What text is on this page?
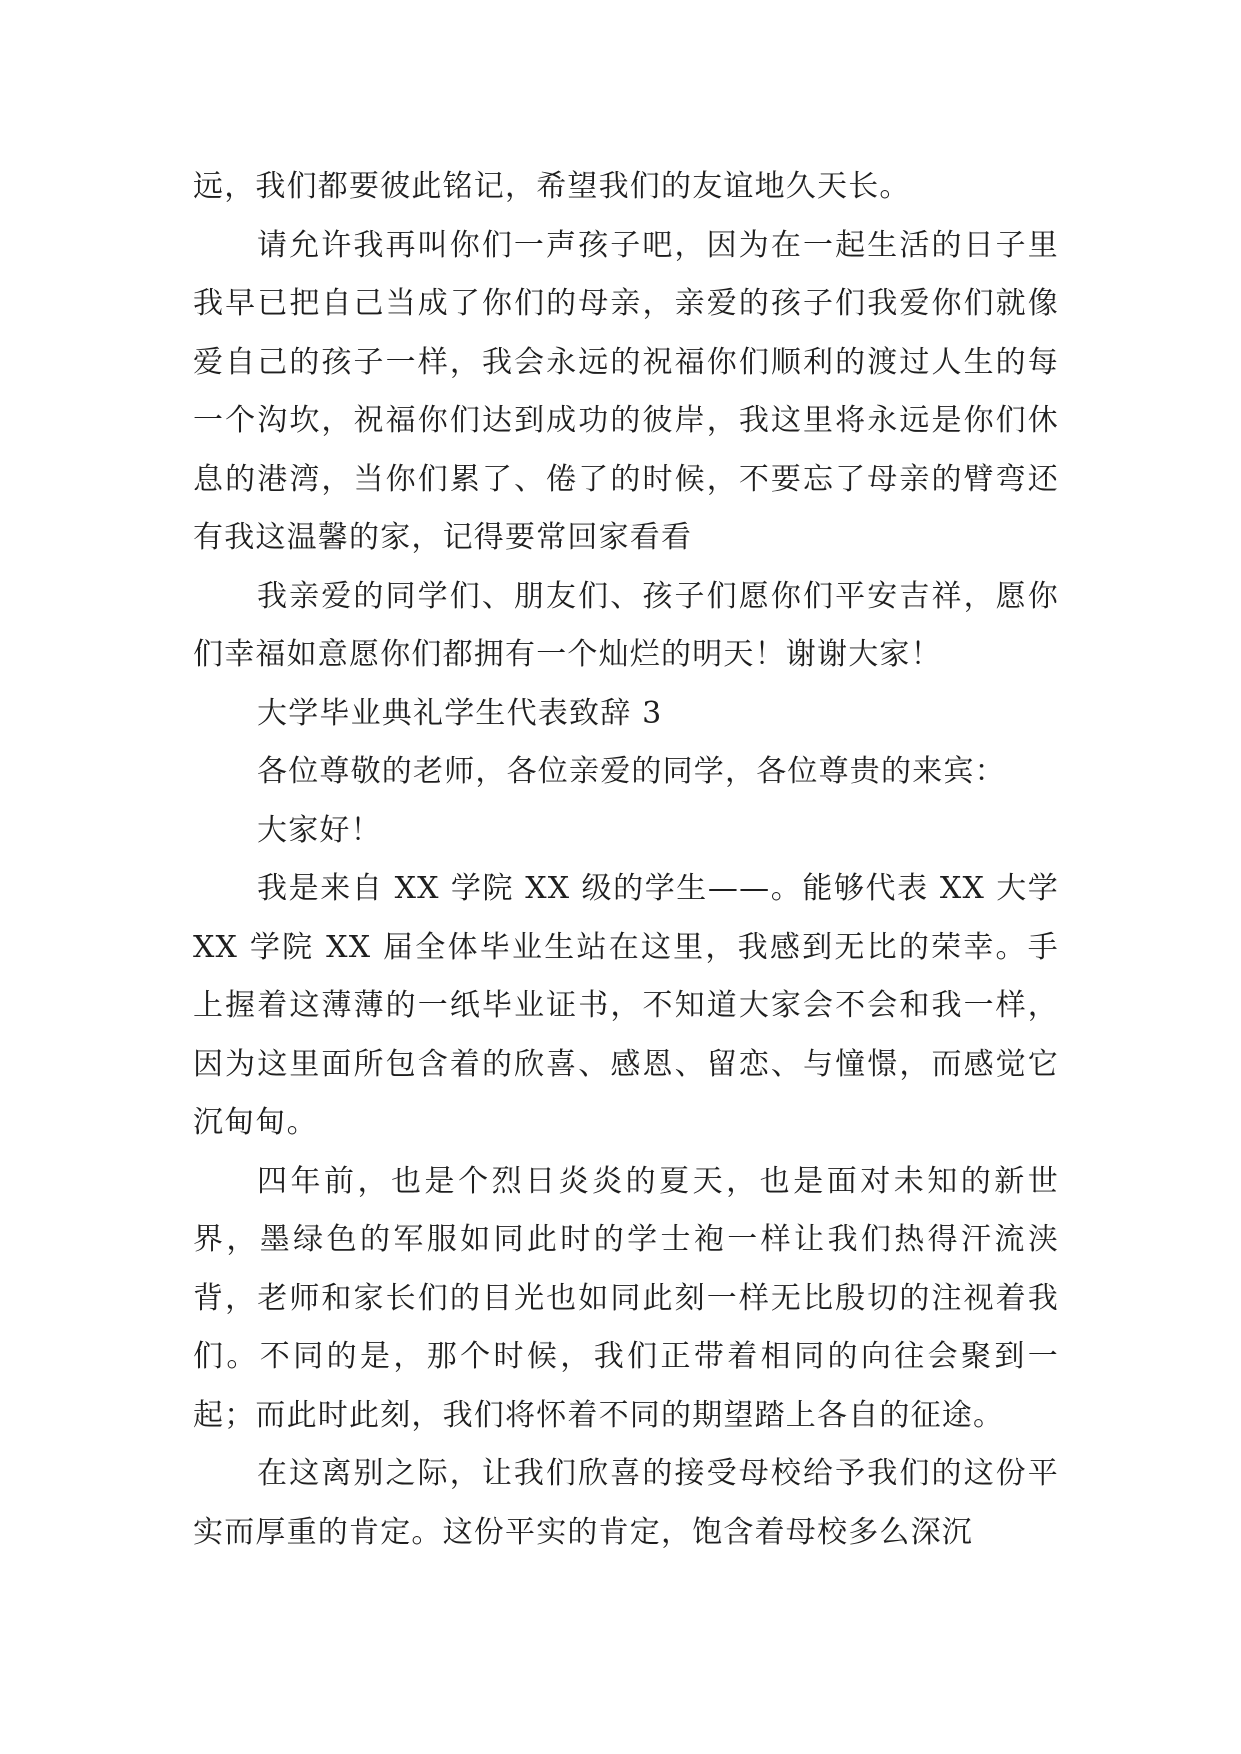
远，我们都要彼此铭记，希望我们的友谊地久天长。

请允许我再叫你们一声孩子吧，因为在一起生活的日子里我早已把自己当成了你们的母亲，亲爱的孩子们我爱你们就像爱自己的孩子一样，我会永远的祝福你们顺利的渡过人生的每一个沟坎，祝福你们达到成功的彼岸，我这里将永远是你们休息的港湾，当你们累了、倦了的时候，不要忘了母亲的臂弯还有我这温馨的家，记得要常回家看看

我亲爱的同学们、朋友们、孩子们愿你们平安吉祥，愿你们幸福如意愿你们都拥有一个灿烂的明天！谢谢大家！

大学毕业典礼学生代表致辞 3

各位尊敬的老师，各位亲爱的同学，各位尊贵的来宾：

大家好！

我是来自 XX 学院 XX 级的学生——。能够代表 XX 大学 XX 学院 XX 届全体毕业生站在这里，我感到无比的荣幸。手上握着这薄薄的一纸毕业证书，不知道大家会不会和我一样，因为这里面所包含着的欣喜、感恩、留恋、与憧憬，而感觉它沉甸甸。

四年前，也是个烈日炎炎的夏天，也是面对未知的新世界，墨绿色的军服如同此时的学士袍一样让我们热得汗流浃背，老师和家长们的目光也如同此刻一样无比殷切的注视着我们。不同的是，那个时候，我们正带着相同的向往会聚到一起；而此时此刻，我们将怀着不同的期望踏上各自的征途。

在这离别之际，让我们欣喜的接受母校给予我们的这份平实而厚重的肯定。这份平实的肯定，饱含着母校多么深沉
